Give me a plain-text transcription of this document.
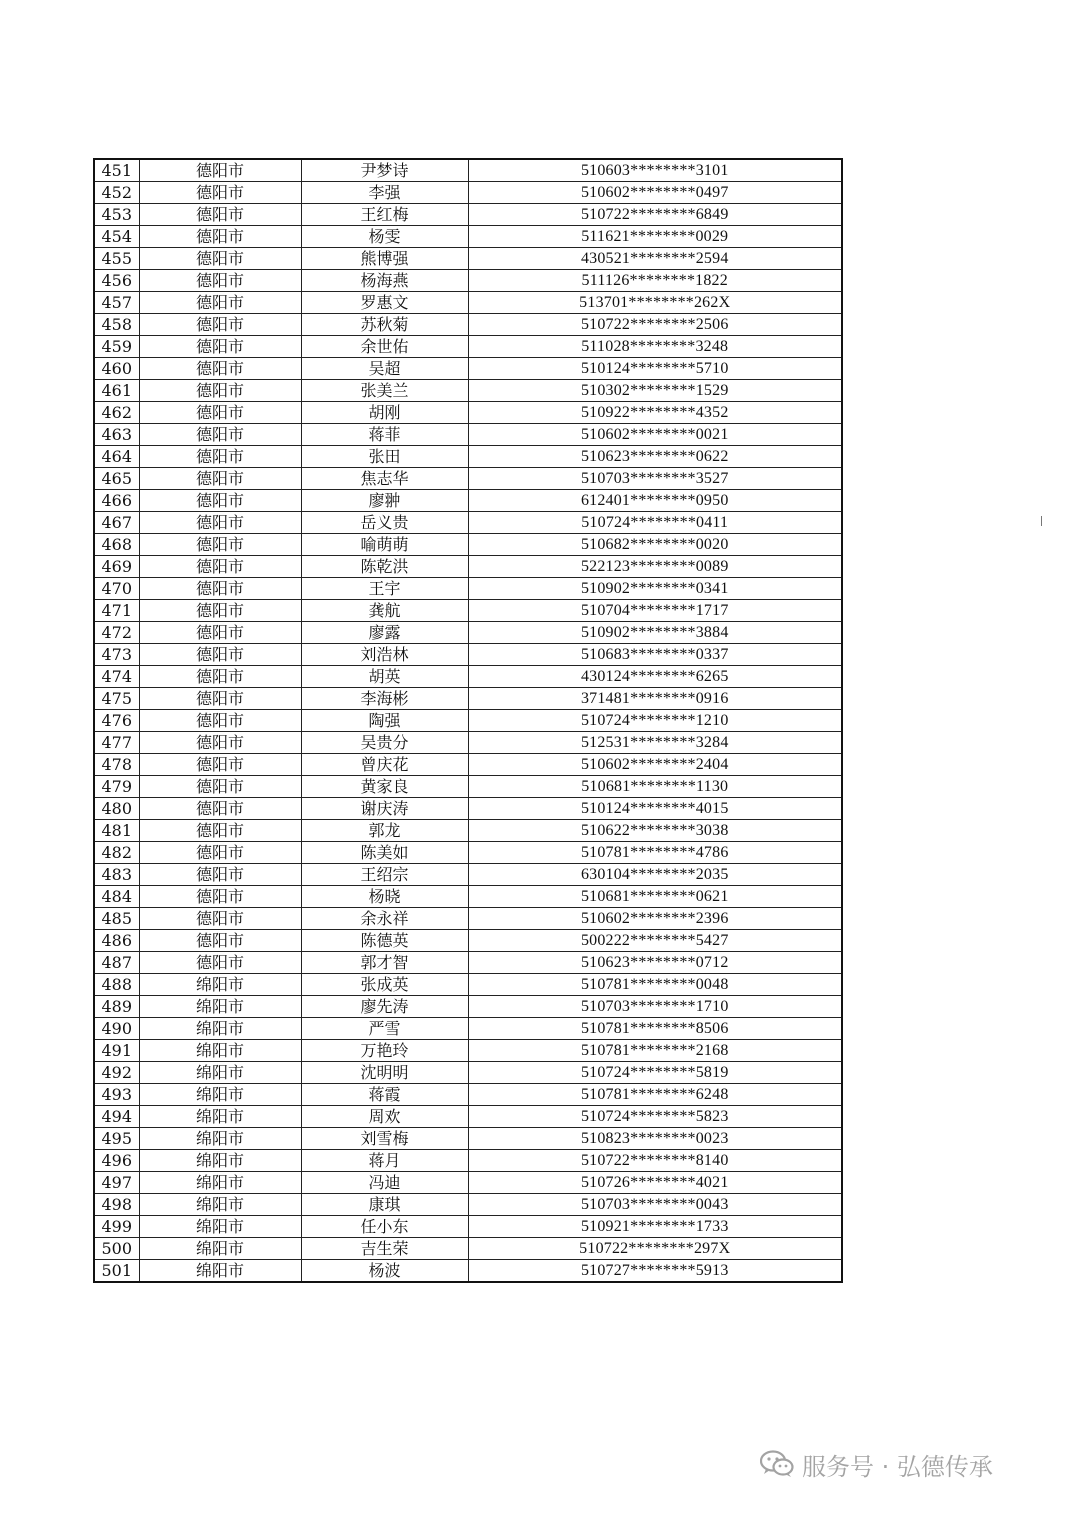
451	德阳市	尹梦诗	510603********3101
452	德阳市	李强	510602********0497
453	德阳市	王红梅	510722********6849
454	德阳市	杨雯	511621********0029
455	德阳市	熊博强	430521********2594
456	德阳市	杨海燕	511126********1822
457	德阳市	罗惠文	513701********262X
458	德阳市	苏秋菊	510722********2506
459	德阳市	余世佑	511028********3248
460	德阳市	吴超	510124********5710
461	德阳市	张美兰	510302********1529
462	德阳市	胡刚	510922********4352
463	德阳市	蒋菲	510602********0021
464	德阳市	张田	510623********0622
465	德阳市	焦志华	510703********3527
466	德阳市	廖翀	612401********0950
467	德阳市	岳义贵	510724********0411
468	德阳市	喻萌萌	510682********0020
469	德阳市	陈乾洪	522123********0089
470	德阳市	王宇	510902********0341
471	德阳市	龚航	510704********1717
472	德阳市	廖露	510902********3884
473	德阳市	刘浩林	510683********0337
474	德阳市	胡英	430124********6265
475	德阳市	李海彬	371481********0916
476	德阳市	陶强	510724********1210
477	德阳市	吴贵分	512531********3284
478	德阳市	曾庆花	510602********2404
479	德阳市	黄家良	510681********1130
480	德阳市	谢庆涛	510124********4015
481	德阳市	郭龙	510622********3038
482	德阳市	陈美如	510781********4786
483	德阳市	王绍宗	630104********2035
484	德阳市	杨晓	510681********0621
485	德阳市	余永祥	510602********2396
486	德阳市	陈德英	500222********5427
487	德阳市	郭才智	510623********0712
488	绵阳市	张成英	510781********0048
489	绵阳市	廖先涛	510703********1710
490	绵阳市	严雪	510781********8506
491	绵阳市	万艳玲	510781********2168
492	绵阳市	沈明明	510724********5819
493	绵阳市	蒋霞	510781********6248
494	绵阳市	周欢	510724********5823
495	绵阳市	刘雪梅	510823********0023
496	绵阳市	蒋月	510722********8140
497	绵阳市	冯迪	510726********4021
498	绵阳市	康琪	510703********0043
499	绵阳市	任小东	510921********1733
500	绵阳市	吉生荣	510722********297X
501	绵阳市	杨波	510727********5913
服务号 · 弘德传承
